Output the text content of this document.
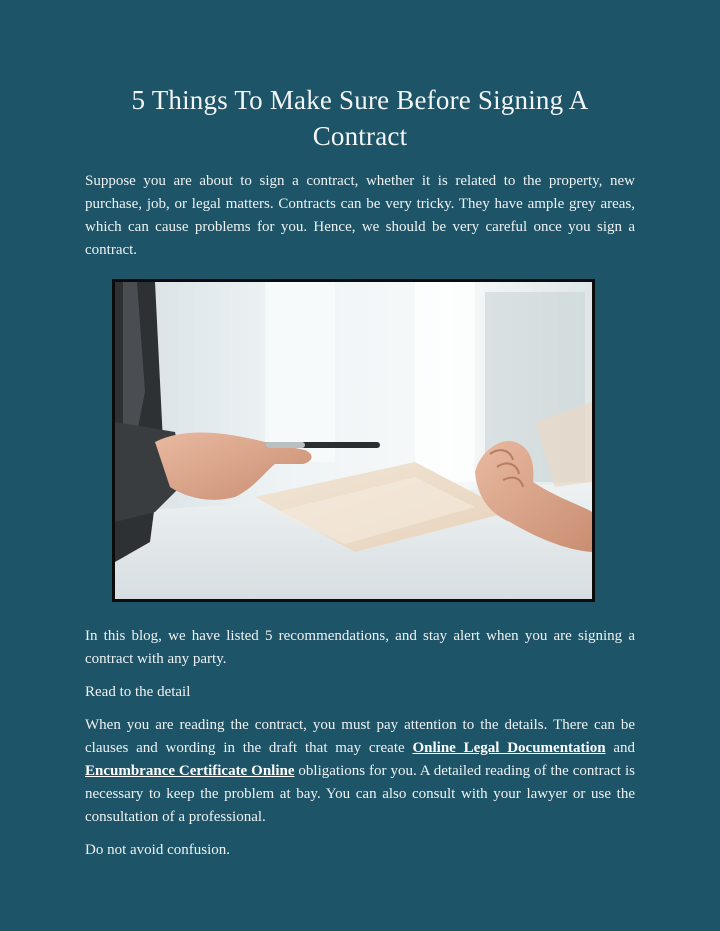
5 Things To Make Sure Before Signing A Contract

Suppose you are about to sign a contract, whether it is related to the property, new purchase, job, or legal matters. Contracts can be very tricky. They have ample grey areas, which can cause problems for you. Hence, we should be very careful once you sign a contract.

In this blog, we have listed 5 recommendations, and stay alert when you are signing a contract with any party.

Read to the detail

When you are reading the contract, you must pay attention to the details. There can be clauses and wording in the draft that may create Online Legal Documentation and Encumbrance Certificate Online obligations for you. A detailed reading of the contract is necessary to keep the problem at bay. You can also consult with your lawyer or use the consultation of a professional.

Do not avoid confusion.
